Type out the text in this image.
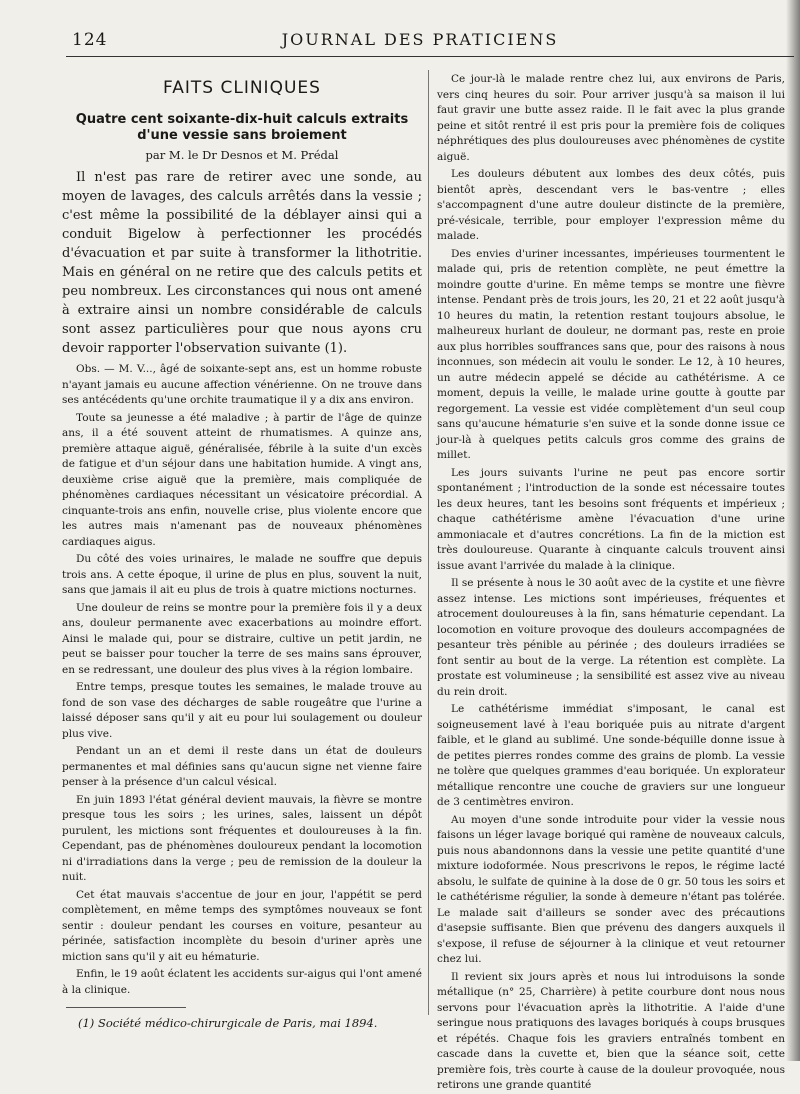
124	JOURNAL DES PRATICIENS
FAITS CLINIQUES
Quatre cent soixante-dix-huit calculs extraits d'une vessie sans broiement
par M. le Dr Desnos et M. Prédal

Il n'est pas rare de retirer avec une sonde, au moyen de lavages, des calculs arrêtés dans la vessie ; c'est même la possibilité de la déblayer ainsi qui a conduit Bigelow à perfectionner les procédés d'évacuation et par suite à transformer la lithotritie. Mais en général on ne retire que des calculs petits et peu nombreux. Les circonstances qui nous ont amené à extraire ainsi un nombre considérable de calculs sont assez particulières pour que nous ayons cru devoir rapporter l'observation suivante (1).

Obs. — M. V..., âgé de soixante-sept ans, est un homme robuste n'ayant jamais eu aucune affection vénérienne. On ne trouve dans ses antécédents qu'une orchite traumatique il y a dix ans environ.

Toute sa jeunesse a été maladive ; à partir de l'âge de quinze ans, il a été souvent atteint de rhumatismes. A quinze ans, première attaque aiguë, généralisée, fébrile à la suite d'un excès de fatigue et d'un séjour dans une habitation humide. A vingt ans, deuxième crise aiguë que la première, mais compliquée de phénomènes cardiaques nécessitant un vésicatoire précordial. A cinquante-trois ans enfin, nouvelle crise, plus violente encore que les autres mais n'amenant pas de nouveaux phénomènes cardiaques aigus.

Du côté des voies urinaires, le malade ne souffre que depuis trois ans. A cette époque, il urine de plus en plus, souvent la nuit, sans que jamais il ait eu plus de trois à quatre mictions nocturnes.

Une douleur de reins se montre pour la première fois il y a deux ans, douleur permanente avec exacerbations au moindre effort. Ainsi le malade qui, pour se distraire, cultive un petit jardin, ne peut se baisser pour toucher la terre de ses mains sans éprouver, en se redressant, une douleur des plus vives à la région lombaire.

Entre temps, presque toutes les semaines, le malade trouve au fond de son vase des décharges de sable rougeâtre que l'urine a laissé déposer sans qu'il y ait eu pour lui soulagement ou douleur plus vive.

Pendant un an et demi il reste dans un état de douleurs permanentes et mal définies sans qu'aucun signe net vienne faire penser à la présence d'un calcul vésical.

En juin 1893 l'état général devient mauvais, la fièvre se montre presque tous les soirs ; les urines, sales, laissent un dépôt purulent, les mictions sont fréquentes et douloureuses à la fin. Cependant, pas de phénomènes douloureux pendant la locomotion ni d'irradiations dans la verge ; peu de remission de la douleur la nuit.

Cet état mauvais s'accentue de jour en jour, l'appétit se perd complètement, en même temps des symptômes nouveaux se font sentir : douleur pendant les courses en voiture, pesanteur au périnée, satisfaction incomplète du besoin d'uriner après une miction sans qu'il y ait eu hématurie.

Enfin, le 19 août éclatent les accidents sur-aigus qui l'ont amené à la clinique.

Ce jour-là le malade rentre chez lui, aux environs de Paris, vers cinq heures du soir. Pour arriver jusqu'à sa maison il lui faut gravir une butte assez raide. Il le fait avec la plus grande peine et sitôt rentré il est pris pour la première fois de coliques néphrétiques des plus douloureuses avec phénomènes de cystite aiguë.

Les douleurs débutent aux lombes des deux côtés, puis bientôt après, descendant vers le bas-ventre ; elles s'accompagnent d'une autre douleur distincte de la première, pré-vésicale, terrible, pour employer l'expression même du malade.

Des envies d'uriner incessantes, impérieuses tourmentent le malade qui, pris de retention complète, ne peut émettre la moindre goutte d'urine. En même temps se montre une fièvre intense. Pendant près de trois jours, les 20, 21 et 22 août jusqu'à 10 heures du matin, la retention restant toujours absolue, le malheureux hurlant de douleur, ne dormant pas, reste en proie aux plus horribles souffrances sans que, pour des raisons à nous inconnues, son médecin ait voulu le sonder. Le 12, à 10 heures, un autre médecin appelé se décide au cathétérisme. A ce moment, depuis la veille, le malade urine goutte à goutte par regorgement. La vessie est vidée complètement d'un seul coup sans qu'aucune hématurie s'en suive et la sonde donne issue ce jour-là à quelques petits calculs gros comme des grains de millet.

Les jours suivants l'urine ne peut pas encore sortir spontanément ; l'introduction de la sonde est nécessaire toutes les deux heures, tant les besoins sont fréquents et impérieux ; chaque cathétérisme amène l'évacuation d'une urine ammoniacale et d'autres concrétions. La fin de la miction est très douloureuse. Quarante à cinquante calculs trouvent ainsi issue avant l'arrivée du malade à la clinique.

Il se présente à nous le 30 août avec de la cystite et une fièvre assez intense. Les mictions sont impérieuses, fréquentes et atrocement douloureuses à la fin, sans hématurie cependant. La locomotion en voiture provoque des douleurs accompagnées de pesanteur très pénible au périnée ; des douleurs irradiées se font sentir au bout de la verge. La rétention est complète. La prostate est volumineuse ; la sensibilité est assez vive au niveau du rein droit.

Le cathétérisme immédiat s'imposant, le canal est soigneusement lavé à l'eau boriquée puis au nitrate d'argent faible, et le gland au sublimé. Une sonde-béquille donne issue à de petites pierres rondes comme des grains de plomb. La vessie ne tolère que quelques grammes d'eau boriquée. Un explorateur métallique rencontre une couche de graviers sur une longueur de 3 centimètres environ.

Au moyen d'une sonde introduite pour vider la vessie nous faisons un léger lavage boriqué qui ramène de nouveaux calculs, puis nous abandonnons dans la vessie une petite quantité d'une mixture iodoformée. Nous prescrivons le repos, le régime lacté absolu, le sulfate de quinine à la dose de 0 gr. 50 tous les soirs et le cathétérisme régulier, la sonde à demeure n'étant pas tolérée. Le malade sait d'ailleurs se sonder avec des précautions d'asepsie suffisante. Bien que prévenu des dangers auxquels il s'expose, il refuse de séjourner à la clinique et veut retourner chez lui.

Il revient six jours après et nous lui introduisons la sonde métallique (n° 25, Charrière) à petite courbure dont nous nous servons pour l'évacuation après la lithotritie. A l'aide d'une seringue nous pratiquons des lavages boriqués à coups brusques et répétés. Chaque fois les graviers entraînés tombent en cascade dans la cuvette et, bien que la séance soit, cette première fois, très courte à cause de la douleur provoquée, nous retirons une grande quantité

(1) Société médico-chirurgicale de Paris, mai 1894.
